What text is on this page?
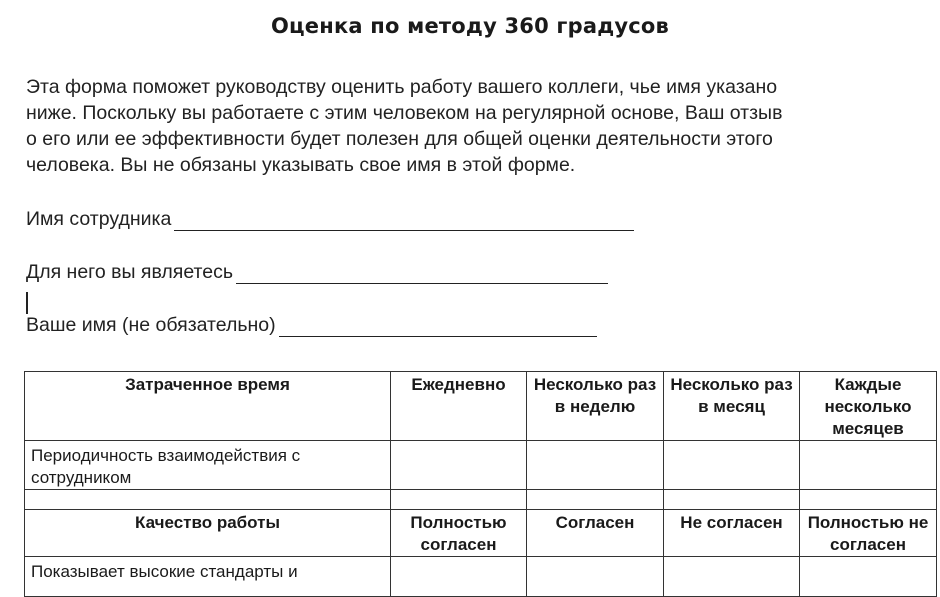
Оценка по методу 360 градусов
Эта форма поможет руководству оценить работу вашего коллеги, чье имя указано
ниже. Поскольку вы работаете с этим человеком на регулярной основе, Ваш отзыв
о его или ее эффективности будет полезен для общей оценки деятельности этого
человека. Вы не обязаны указывать свое имя в этой форме.
Имя сотрудника
Для него вы являетесь
Ваше имя (не обязательно)
Затраченное время	Ежедневно	Несколько раз в неделю	Несколько раз в месяц	Каждые несколько месяцев
Периодичность взаимодействия с сотрудником				

Качество работы	Полностью согласен	Согласен	Не согласен	Полностью не согласен
Показывает высокие стандарты и				
